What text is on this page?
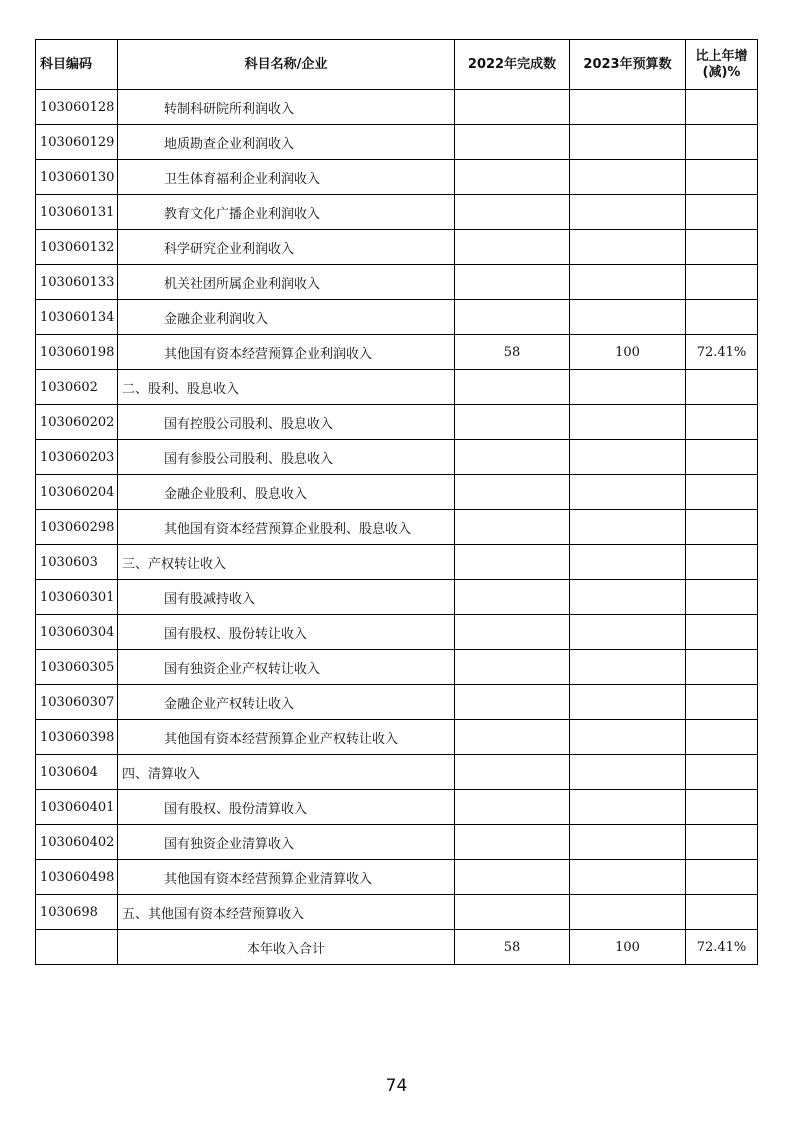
科目编码	科目名称/企业	2022年完成数	2023年预算数	比上年增(减)%
103060128	转制科研院所利润收入			
103060129	地质勘查企业利润收入			
103060130	卫生体育福利企业利润收入			
103060131	教育文化广播企业利润收入			
103060132	科学研究企业利润收入			
103060133	机关社团所属企业利润收入			
103060134	金融企业利润收入			
103060198	其他国有资本经营预算企业利润收入	58	100	72.41%
1030602	二、股利、股息收入			
103060202	国有控股公司股利、股息收入			
103060203	国有参股公司股利、股息收入			
103060204	金融企业股利、股息收入			
103060298	其他国有资本经营预算企业股利、股息收入			
1030603	三、产权转让收入			
103060301	国有股减持收入			
103060304	国有股权、股份转让收入			
103060305	国有独资企业产权转让收入			
103060307	金融企业产权转让收入			
103060398	其他国有资本经营预算企业产权转让收入			
1030604	四、清算收入			
103060401	国有股权、股份清算收入			
103060402	国有独资企业清算收入			
103060498	其他国有资本经营预算企业清算收入			
1030698	五、其他国有资本经营预算收入			
	本年收入合计	58	100	72.41%
74
